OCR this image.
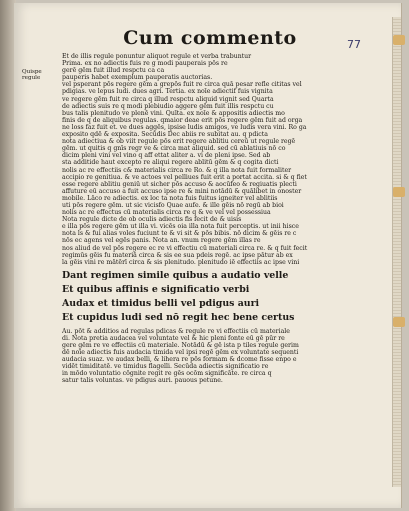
77
Quispe regule
Cum commento
Et de illis regule ponuntur aliquot regule et verba trabuntur
Prima. ex no adiectis fuis re g modi pauperais pōs re
gerē gēm fuit illud respctu ca ca
pauperis habet exemplum pauperatis auctorias.
vel psperant pōs regere gēm a grepōs fuit re circa quā pesar refle cititas vel
pdigias. ve lepus ludi. dues agri. Tertia. ex noīe adiectif fuis vignita
ve regere gēm fuit re circa q illud respctu aliquid vignit sed Quarta
de adiectis suis re q modi plebiudio aggere gēm fuit illis respctu cu
bus talis plenitudo ve plenē vini. Quīta. ex noīe & appositis adiectis mo
finis de q de aliquibus regulas. qmaior deae erit pōs regere gēm fuit ad orga
ne loss faz fuit et. ve dues aggēs, ipsise ludis amigos, ve ludis vera vini. Ro ga
exposito qdē & exposita. Secūdis Dec abiis re subitat au. q pdicta
nota adiectiua & ob viit regule pōs erit regere ablitiu cereū ut regule regē
gēm. ut quitis q gnīs regr ve & circa mat aliquid. sed cū ablatiuis nō co
dicim pleni vini vel vino q aff ettat aliter a. vi de pleni ipse. Sed ab
sta additide haut excepto re aliqui regere ablitū gēm & q cogita dicti
nolis ac re effectiis c& materialis circa re Ro. & q illa nota fuit formaliter
accipio re genitiua. & ve actoes vel pelliues fuit erit a portat accita. si & q fiet
esse regere ablitiu geniū ut sicher pōs accuso & aocūfeo & regiuatis plecti
affuture eū accuso a fuit accuso ipse re & mini notādū & quālibet in onoster
mobile. Lāco re adiectis. ex loc ta nota fuis fuitus igneiter vel ablitiis
uti pōs regere gēm. ut sic vicisfo Quae aufe. & ille gēis nō regū ab bioi
nolis ac re effectus cū materialis circa re q & ve vel vel possessiua
Nota regule dicte de ob oculis adiectis fis fecit de & uisis
e illa pōs regere gēm ut illa vi. vicēs oia illa nota fuit perceptis. ut inii hisce
nota ls & fui alias voles fuciunt te & vi sit & pōs bibis. nō dicim & gēis re c
nōs ec agens vel egēs panis. Nota an. vnum regere gēm illas re
nos aliud de vel pōs regere ec re vi effectiu cū materiali circa re. & q fuit fecit
regimūs gēis fu materiā circa & sis ee sua pdeis regē. ac ipse pātur ab ex
la gēis vini re mātērī circa & sis plenitudo. plenitudo iē effectiis ac ipse vini
Dant regimen simile quibus a audatio velle
Et quibus affinis e significatio verbi
Audax et timidus belli vel pdigus auri
Et cupidus ludi sed nō regit hec bene certus
Au. pōt & additios ad regulas pdicas & regule re vi effectiis cū materiale
di. Nota pretia audacea vel voluntate vel & hic pleni fonte eū gē pūr re
gere gēm re ve effectiis cū materiale. Notādū & gē ista p tiles regule gerim
dē noīe adiectis fuis audacia timida vel ipsi regē gēm ex voluntate sequenti
audacia suaz. ve audax belli, & lihera re pōs formam & dcome fisse enpo e
vidēt timiditatē. ve timidus flagelli. Secūda adiectis significatio re
in mōdo voluntatio cōgnite regit re gēs ocōm significāte. re circa q
satur talis voluntas. ve pdigus auri. pauous petune.
